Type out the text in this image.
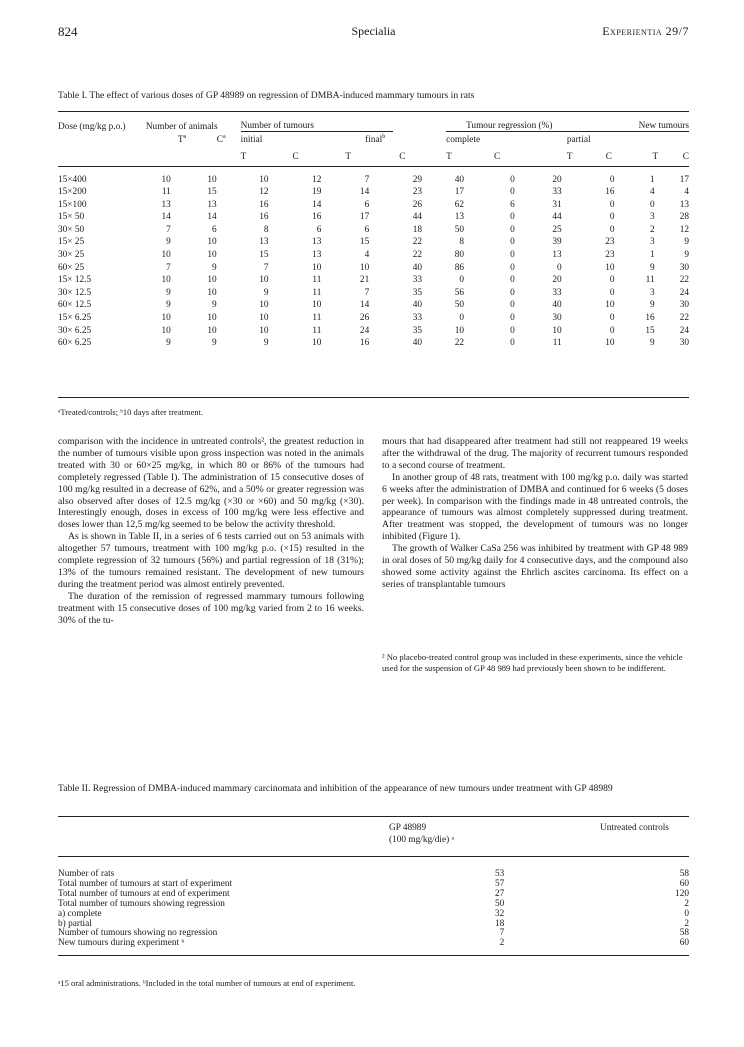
824	Specialia	Experientia 29/7
Table I. The effect of various doses of GP 48989 on regression of DMBA-induced mammary tumours in rats
Dose (mg/kg p.o.)	Number of animals		Number of tumours				Tumour regression (%)				New tumours	
	$T^a$	$C^a$	initial		final$^b$		complete		partial			
			T	C	T	C	T	C	T	C	T	C

15×400	10	10	10	12	7	29	40	0	20	0	1	17
15×200	11	15	12	19	14	23	17	0	33	16	4	4
15×100	13	13	16	14	6	26	62	6	31	0	0	13
15× 50	14	14	16	16	17	44	13	0	44	0	3	28
30× 50	7	6	8	6	6	18	50	0	25	0	2	12
15× 25	9	10	13	13	15	22	8	0	39	23	3	9
30× 25	10	10	15	13	4	22	80	0	13	23	1	9
60× 25	7	9	7	10	10	40	86	0	0	10	9	30
15× 12.5	10	10	10	11	21	33	0	0	20	0	11	22
30× 12.5	9	10	9	11	7	35	56	0	33	0	3	24
60× 12.5	9	9	10	10	14	40	50	0	40	10	9	30
15× 6.25	10	10	10	11	26	33	0	0	30	0	16	22
30× 6.25	10	10	10	11	24	35	10	0	10	0	15	24
60× 6.25	9	9	9	10	16	40	22	0	11	10	9	30
ᵃTreated/controls; ᵇ10 days after treatment.

comparison with the incidence in untreated controls², the greatest reduction in the number of tumours visible upon gross inspection was noted in the animals treated with 30 or 60×25 mg/kg, in which 80 or 86% of the tumours had completely regressed (Table I). The administration of 15 consecutive doses of 100 mg/kg resulted in a decrease of 62%, and a 50% or greater regression was also observed after doses of 12.5 mg/kg (×30 or ×60) and 50 mg/kg (×30). Interestingly enough, doses in excess of 100 mg/kg were less effective and doses lower than 12,5 mg/kg seemed to be below the activity threshold.

As is shown in Table II, in a series of 6 tests carried out on 53 animals with altogether 57 tumours, treatment with 100 mg/kg p.o. (×15) resulted in the complete regression of 32 tumours (56%) and partial regression of 18 (31%); 13% of the tumours remained resistant. The development of new tumours during the treatment period was almost entirely prevented.

The duration of the remission of regressed mammary tumours following treatment with 15 consecutive doses of 100 mg/kg varied from 2 to 16 weeks. 30% of the tu-

mours that had disappeared after treatment had still not reappeared 19 weeks after the withdrawal of the drug. The majority of recurrent tumours responded to a second course of treatment.

In another group of 48 rats, treatment with 100 mg/kg p.o. daily was started 6 weeks after the administration of DMBA and continued for 6 weeks (5 doses per week). In comparison with the findings made in 48 untreated controls, the appearance of tumours was almost completely suppressed during treatment. After treatment was stopped, the development of tumours was no longer inhibited (Figure 1).

The growth of Walker CaSa 256 was inhibited by treatment with GP 48 989 in oral doses of 50 mg/kg daily for 4 consecutive days, and the compound also showed some activity against the Ehrlich ascites carcinoma. Its effect on a series of transplantable tumours

² No placebo-treated control group was included in these experiments, since the vehicle used for the suspension of GP 48 989 had previously been shown to be indifferent.
Table II. Regression of DMBA-induced mammary carcinomata and inhibition of the appearance of new tumours under treatment with GP 48989
GP 48989
(100 mg/kg/die) ᵃ
Untreated controls
Number of rats	53	58
Total number of tumours at start of experiment	57	60
Total number of tumours at end of experiment	27	120
Total number of tumours showing regression	50	2
a) complete	32	0
b) partial	18	2
Number of tumours showing no regression	7	58
New tumours during experiment ᵇ	2	60
ᵃ15 oral administrations. ᵇIncluded in the total number of tumours at end of experiment.
